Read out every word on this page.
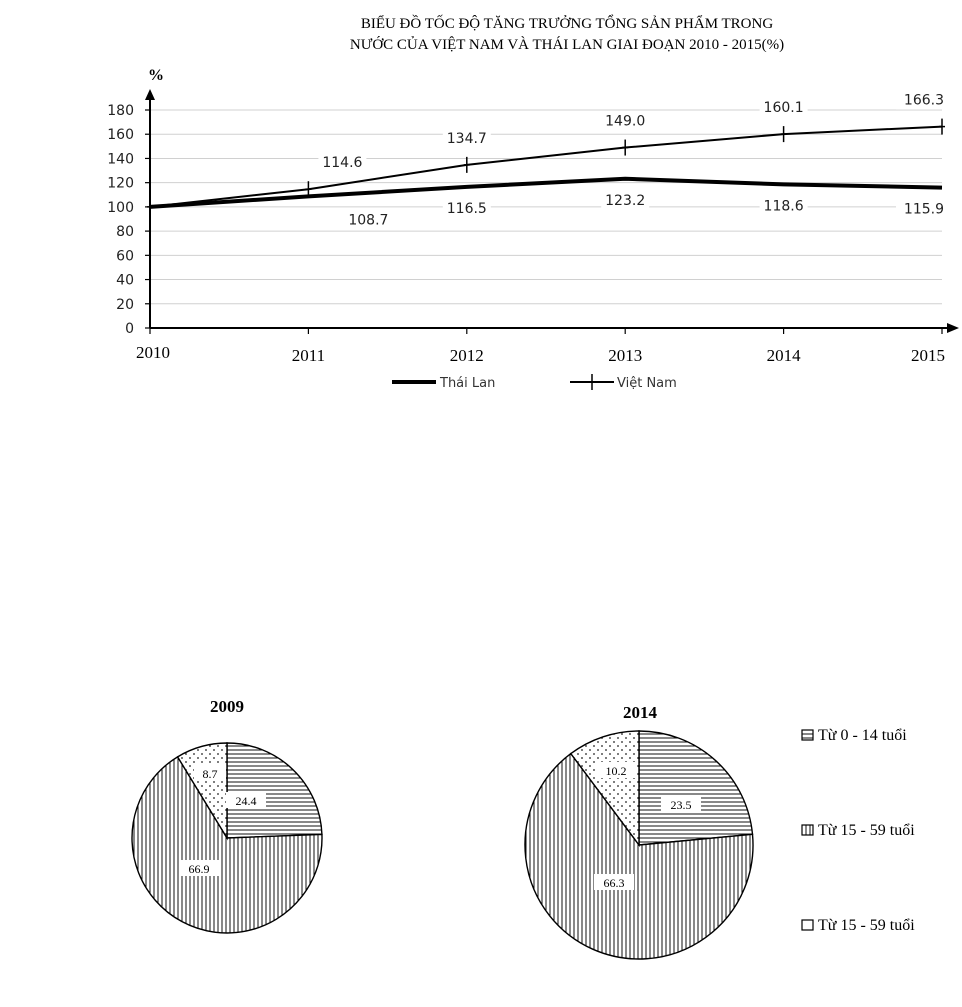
BIỂU ĐỒ TỐC ĐỘ TĂNG TRƯỞNG TỔNG SẢN PHẨM TRONG
NƯỚC CỦA VIỆT NAM VÀ THÁI LAN GIAI ĐOẠN 2010 - 2015(%)
%
0
20
40
60
80
100
120
140
160
180
2010	2011	2012	2013	2014	2015
108.7
116.5
123.2	118.6	115.9
114.6
134.7
149.0
160.1	166.3
Thái Lan	Việt Nam
2009
24.4
66.9
8.7
2014
23.5
66.3
10.2
Từ 0 - 14 tuổi
Từ 15 - 59 tuổi
Từ 15 - 59 tuổi
